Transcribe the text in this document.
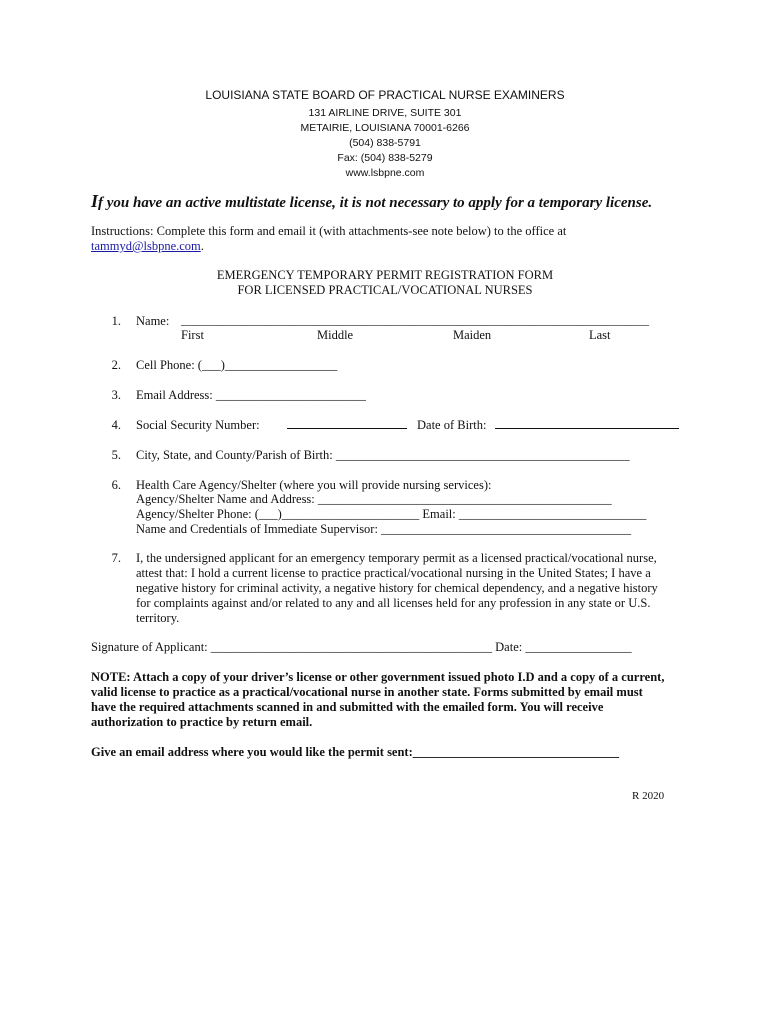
LOUISIANA STATE BOARD OF PRACTICAL NURSE EXAMINERS
131 AIRLINE DRIVE, SUITE 301
METAIRIE, LOUISIANA 70001-6266
(504) 838-5791
Fax: (504) 838-5279
www.lsbpne.com
If you have an active multistate license, it is not necessary to apply for a temporary license.
Instructions: Complete this form and email it (with attachments-see note below) to the office at
tammyd@lsbpne.com.
EMERGENCY TEMPORARY PERMIT REGISTRATION FORM
FOR LICENSED PRACTICAL/VOCATIONAL NURSES
1. Name: ______________________________________________________________________________
First	Middle	Maiden	Last
2. Cell Phone: (___)__________________
3. Email Address: ________________________
4. Social Security Number:	Date of Birth:
5. City, State, and County/Parish of Birth: _______________________________________________
6. Health Care Agency/Shelter (where you will provide nursing services):
Agency/Shelter Name and Address: _______________________________________________
Agency/Shelter Phone: (___)______________________ Email: ______________________________
Name and Credentials of Immediate Supervisor: ________________________________________
7. I, the undersigned applicant for an emergency temporary permit as a licensed practical/vocational nurse,
attest that: I hold a current license to practice practical/vocational nursing in the United States; I have a
negative history for criminal activity, a negative history for chemical dependency, and a negative history
for complaints against and/or related to any and all licenses held for any profession in any state or U.S.
territory.
Signature of Applicant: _____________________________________________ Date: _________________
NOTE: Attach a copy of your driver’s license or other government issued photo I.D and a copy of a current,
valid license to practice as a practical/vocational nurse in another state. Forms submitted by email must
have the required attachments scanned in and submitted with the emailed form. You will receive
authorization to practice by return email.
Give an email address where you would like the permit sent:_________________________________
R 2020
